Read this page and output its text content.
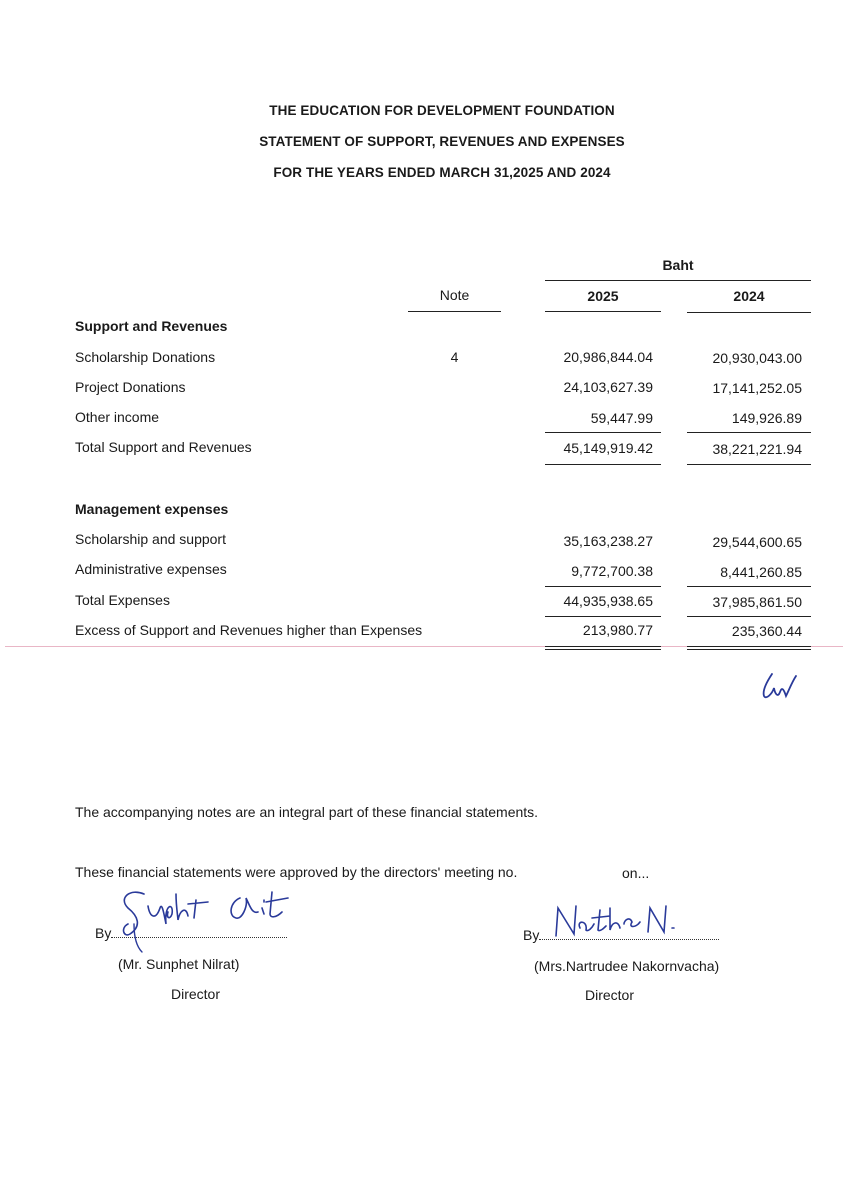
THE EDUCATION FOR DEVELOPMENT FOUNDATION
STATEMENT OF SUPPORT, REVENUES AND EXPENSES
FOR THE YEARS ENDED MARCH 31,2025 AND 2024
Baht
Note	2025	2024
Support and Revenues
Scholarship Donations	4	20,986,844.04	20,930,043.00
Project Donations	24,103,627.39	17,141,252.05
Other income	59,447.99	149,926.89
Total Support and Revenues	45,149,919.42	38,221,221.94
Management expenses
Scholarship and support	35,163,238.27	29,544,600.65
Administrative expenses	9,772,700.38	8,441,260.85
Total Expenses	44,935,938.65	37,985,861.50
Excess of Support and Revenues higher than Expenses	213,980.77	235,360.44
The accompanying notes are an integral part of these financial statements.
These financial statements were approved by the directors' meeting no.	on...
By
(Mr. Sunphet Nilrat)
Director
By
(Mrs.Nartrudee Nakornvacha)
Director
